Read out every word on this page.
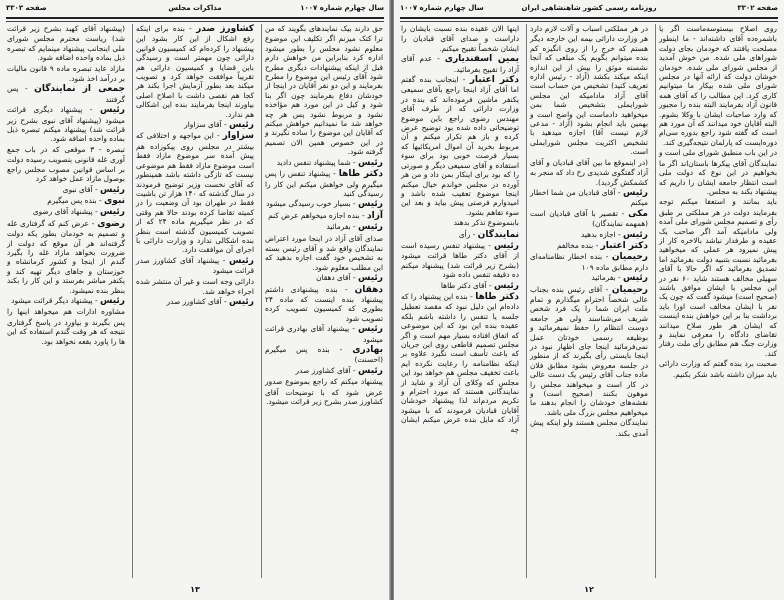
سال چهارم شماره ۱۰۰۷
مذاکرات مجلس
صفحه ۳۳۰۳

حق دارند بیک نمایندهای بگویند که من ترا کتک میزنم اگر تکلیف این موضوع معلوم نشود مجلس را بطور میشود اداره کرد بنابراین من خواهش دارم قبل از اینکه پیشنهادات دیگری مطرح شود آقای رئیس این موضوع را مطرح بفرمایند و این دو نفر آقایان در اینجا از خودشان دفاع بفرمایند چون اگر بنا شود و کیل در این مورد هم مؤاخذه نشود و مربوط نشود پس هر چه خواهد شد ما نمیدانیم خواهش میکنم که آقایان این موضوع را ساده نگیرند و در این خصوص همین الان تصمیم گرفته شود.

رئیس - شما پیشنهاد تنفس دادید

دکتر طاها - پیشنهاد تنفس را پس میگیرم ولی خواهش میکنم این کار را رسیدگی کنید

رئیس - بسیار خوب رسیدگی میشود

آزاد - بنده اجازه میخواهم عرض کنم

رئیس - بفرمائید

صدای آقای آزاد در اینجا مورد اعتراض نمایندگان واقع شد و آقای رئیس بسته به تشخیص خود گفت اجازه بدهید که این مطلب معلوم شود.

رئیس - آقای دهقان

دهقان - بنده پیشنهادی داشتم پیشنهاد بنده اینست که ماده ۲۴ بطوری که کمیسیون تصویب کرده تصویب شود

رئیس - پیشنهاد آقای بهادری قرائت میشود

بهادری - بنده پس میگیرم (احسنت)

رئیس - آقای کشاورز صدر

پیشنهاد میکنم که راجع بموضوع صدور عرض شود که با توضیحات آقای کشاورز صدر بشرح زیر قرائت میشود.

کشاورز صدر - بنده برای اینکه رفع اشکال از این کار بشود این پیشنهاد را کرده‌ام که کمیسیون قوانین دارائی چون مهمتر است و رسیدگی باین قضایا و کمیسیون دارائی هم تقریباً موافقت خواهد کرد و تصویب میکند بعد بطور آزمایش اجرا بکند هر کجا هم نقصی داشت با اصلاح اصلی بیاورند اینجا بفرمایند بنده این اشکالی هم ندارد.

رئیس - آقای سزاوار

سزاوار - این مواجهه و اختلافی که بیشتر در مجلس روی پیکوزاده هم پیش آمده سر موضوع مازاد فقط است موضوع مازاد فقط هم موضوعی نیست که تازگی داشته باشد همینطور که آقای نخست وزیر توضیح فرمودند در سال گذشته که ۱۴۰ هزار تن باشیت فقط در طهران بود آن وضعیت را در کمیته تقاضا کرده بودند حالا هم وقتی که در نظر میگیریم ماده ۲۴ که از تصویب کمیسیون گذشته است بنظر بنده اشکالی ندارد و وزارت دارائی با اجرای آن موافقت دارد.

رئیس - پیشنهاد آقای کشاورز صدر قرائت میشود

دارائی وجه است و غیر آن منتشر شده اجراء خواهد شد.

رئیس - آقای کشاورز صدر

(پیشنهاد آقای کهبد بشرح زیر قرائت شد) ریاست محترم مجلس شورای ملی اینجانب پیشنهاد مینمایم که تبصره ذیل بماده واحده اضافه شود.

مازاد عاید تبصره ماده ۹ قانون مالیات بر درآمد اخذ شود.

جمعی از نمایندگان - پس گرفتند

رئیس - پیشنهاد دیگری قرائت میشود (پیشنهاد آقای نبوی بشرح زیر قرائت شد) پیشنهاد میکنم تبصره ذیل بماده واحده اضافه شود.

تبصره - ۳ موقعی که در باب جمع آوری غله قانونی بتصویب رسیده دولت بر اساس قوانین مصوب مجلس راجع بوصول مازاد عمل خواهد کرد

رئیس - آقای نبوی

نبوی - بنده پس میگیرم

رئیس - پیشنهاد آقای رضوی

رضوی - عرض کنم که گرفتاری غله و تصمیم به خودمان بطور یکه دولت گرفته‌اند هر آن موقع که دولت از ضرورت بخواهد مازاد غله را بگیرد گندم از اینجا و کشور کرمانشاه و خوزستان و جاهای دیگر تهیه کند و یکنفر مباشر بفرستد و این کار را بکند بنظر بنده نمیشود.

رئیس - پیشنهاد دیگر قرائت میشود

مشاوره ادارات هم میخواهد اینها را پس بگیرند و بپاورد در پاسخ گرفتاری نتیجه که هر وقت گندم استفاده که این ها را پاورد بقعه نخواهد بود.

۱۳
صفحه ۳۳۰۲
روزنامه رسمی کشور شاهنشاهی ایران
سال چهارم شماره ۱۰۰۷

روی اصلاح بیستوسه‌ماست اگر یا باشمره‌ده آقای داشته‌اند - ما اینطور مصلحت یافتند که خودمان بجای دولت شوراهای ملی شده. من خوش آمدید از مجلس شورای ملی شده. خودمان خوشان دولت که ارائه آنها در مجلس شورای ملی شده بیکار ما میتوانیم کاری کرد. این مطالب را که آقای همه قانون آزاد بفرمایند البته بنده را مجبور که وارد صاحبات ایشان با وکلا بشوم. البته آقایان خود میدانند که آن مورد هم است که گفته شود راجع بدوره سی‌ام دوره‌ایست که پارلمان نتیجه‌گیری کند.

در این باب منطبق شورای ملی است و نمایندگان آقای پیکرها باستان‌اند اگر ما بخواهیم در این نوع که دولت ملی است انتظار جامعه ایشان را داریم که پیشنهاد بکند به مجلس.

باید بمانند و استعفا میکنم توجه بفرمایند دولت در هر مملکتی بر طبق رأی و تصمیم مجلس شورای ملی آمده ولی مادامیکه آمد اگر صاحب یک عقیده و طرفدار نباشد بالاخره کار از پیش نمیرود هر عملی که میخواهید بفرمائید نسبت بتنبیه دولت بفرمائید اما تصدیق بفرمائید که اگر حالا با آقای سهیلی مخالف هستند شاید ۶۰ نفر در این مجلس با ایشان موافق باشند (صحیح است) میشود گفت که چون یک نفر با ایشان مخالف است اورا باید برداشت بنا بر این خواهش بنده اینست که ایشان هر طور صلاح میدانند تقاضای دادگاه را معرفی نمایند و وزارت جنگ هم مطابق رأی ملت رفتار کند.

صحبت برد بنده گفتم که وزارت دارائی باید میزان داشته باشد شکر بکنیم.

در هر مملکتی اسباب و آلات لازم دارد هر وزارت دارائی بیمه این خارجه دیگر هستم که خرج را از روی انگیزه کم بنده میتوانم بگویم یک مبلغی که آنجا نشسته موثق را بیش از این اندازه اینکه میکند بکشد (آزاد - رئیس اداره تعریف کنید) تشخیص من حساب است آقای آزاد مادامیکه این مجلس شورایملی بتشخیص شما بمن میخواهید دادماست این واضح است و بهمین باید انجام بشود (آزاد - مدعی لازم نیست آقا) اجازه میدهید با تشخیص اکثریت مجلس شورایملی است.

(در اینموقع ما بین آقای قبادیان و آقای آزاد گفتگوی شدیدی رخ داد که منجر به کشمکش گردید).

رئیس - آقای قبادیان من شما اخطار میکنم

مکی - تقصیر با آقای قبادیان است (همهمه نمایندگان)

رئیس - اجازه بدهید

دکتر اعتبار - بنده مخالفم

رحیمیان - بنده اخطار نظامنامه‌ای دارم مطابق ماده ۱۰۹

رئیس - بفرمائید

رحیمیان - آقای رئیس بنده بجناب عالی شخصاً احترام میگذارم و تمام ملت ایران شما را یک فرد شخص شریف می‌شناسند ولی هر جامعه دوست انتظام را حفظ نمیفرمائید و بوظیفه رسمی خودتان عمل نمی‌فرمائید اینجا جای اظهار نبود در اینجا بایستی رأی بگیرند که از منظور در جلسه معروض بشود مطابق فلان ماده جناب آقای رئیس یک دست عالی در کار است و میخواهند مجلس را موهون بکنند (صحیح است) و نقشه‌های خودشان را انجام بدهند ما میخواهیم مجلس بزرگ ملی باشد.

نمایندگان مجلس هستند ولو اینکه پیش آمدی بکند.

اینها الان عقیده بنده نسبت بایشان را داراست و صدای آقای قبادیان را ایشان شخصاً تقبیح میکنم.

یمین اسفندیاری - عدم آقای آزاد را تقبیح بفرمائید.

دکتر اعتبار - اینجانب بنده گفتم اما آقای آزاد اینجا راجع بآقای سمیعی یکنفر ماشین فرموده‌اند که بنده در وزارت دارائی که از طرف آقای مهندس رضوی راجع باین موضوع توضیحاتی داده شده بود توضیح عرض کرده و باز هم تکرار میکنم و آن مربوط بخرید آن اموال امریکائیها که بسیار فرصت خوبی بود برای سوء استفاده و آقای سمیعی دیگر و صورتی را که بود برای اینکار بمن داد و من هر آورده در مجلس خواندم خیال میکنم اینجا موضوع تعقیب شده باشد و امیدوارم فرصتی پیش بیاید و بعد این سوء تفاهم بشود.

بابنموضوع تذکر بدهند

نمایندگان - رأی

رئیس - پیشنهاد تنفس رسیده است از آقای دکتر طاها قرائت میشود (بشرح زیر قرائت شد) پیشنهاد میکنم ده دقیقه تنفس داده شود

رئیس - آقای دکتر طاها

دکتر طاها - بنده این پیشنهاد را که داده‌ام این دلیل نبود که مقصد تعطیل جلسه یا تنفس را داشته باشم بلکه عقیده بنده این بود که این موضوعی که اتفاق افتاده بسیار مهم است و اگر مجلس تصمیم قاطعی روی این جریان که باعث تأسف است نگیرد علاوه بر اینکه نظامنامه را رعایت نکرده ایم باعث تخفیف مجلس هم خواهد بود این مجلس که وکلای آن آزاد و شاید از نمایندگانی هستند که مورد احترام و تکریم مردم‌اند لذا پیشنهاد خودشان آقایان قبادیان فرمودند که با میشود آزاد که مایل بنده عرض میکنم ایشان چه

۱۲
